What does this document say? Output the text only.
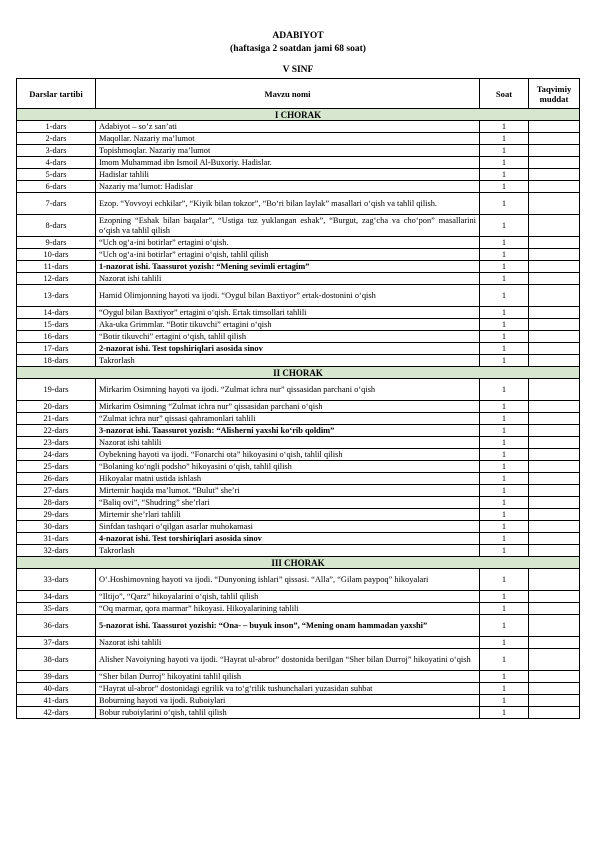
ADABIYOT
(haftasiga 2 soatdan jami 68 soat)
V SINF
Darslar tartibi	Mavzu nomi	Soat	Taqvimiy muddat
I CHORAK			
1-dars	Adabiyot – so’z san’ati	1	
2-dars	Maqollar. Nazariy ma’lumot	1	
3-dars	Topishmoqlar. Nazariy ma’lumot	1	
4-dars	Imom Muhammad ibn Ismoil Al-Buxoriy. Hadislar.	1	
5-dars	Hadislar tahlili	1	
6-dars	Nazariy ma’lumot: Hadislar	1	
7-dars	Ezop. “Yovvoyi echkilar”, “Kiyik bilan tokzor”, “Bo‘ri bilan laylak” masallari o‘qish va tahlil qilish.	1	
8-dars	Ezopning “Eshak bilan baqalar”, “Ustiga tuz yuklangan eshak”, “Burgut, zag‘cha va cho‘pon” masallarini o‘qish va tahlil qilish	1	
9-dars	“Uch og‘a-ini botirlar” ertagini o‘qish.	1	
10-dars	“Uch og‘a-ini botirlar” ertagini o‘qish, tahlil qilish	1	
11-dars	1-nazorat ishi. Taassurot yozish: “Mening sevimli ertagim”	1	
12-dars	Nazorat ishi tahlili	1	
13-dars	Hamid Olimjonning hayoti va ijodi. “Oygul bilan Baxtiyor” ertak-dostonini o‘qish	1	
14-dars	“Oygul bilan Baxtiyor” ertagini o‘qish. Ertak timsollari tahlili	1	
15-dars	Aka-uka Grimmlar. “Botir tikuvchi” ertagini o‘qish	1	
16-dars	“Botir tikuvchi” ertagini o‘qish, tahlil qilish	1	
17-dars	2-nazorat ishi. Test topshiriqlari asosida sinov	1	
18-dars	Takrorlash	1	
II CHORAK			
19-dars	Mirkarim Osimning hayoti va ijodi. “Zulmat ichra nur” qissasidan parchani o‘qish	1	
20-dars	Mirkarim Osimning “Zulmat ichra nur” qissasidan parchani o‘qish	1	
21-dars	“Zulmat ichra nur” qissasi qahramonlari tahlili	1	
22-dars	3-nazorat ishi. Taassurot yozish: “Alisherni yaxshi ko‘rib qoldim”	1	
23-dars	Nazorat ishi tahlili	1	
24-dars	Oybekning hayoti va ijodi. “Fonarchi ota” hikoyasini o‘qish, tahlil qilish	1	
25-dars	“Bolaning ko‘ngli podsho” hikoyasini o‘qish, tahlil qilish	1	
26-dars	Hikoyalar matni ustida ishlash	1	
27-dars	Mirtemir haqida ma’lumot. “Bulut” she’ri	1	
28-dars	“Baliq ovi”, “Shudring” she’rlari	1	
29-dars	Mirtemir she’rlari tahlili	1	
30-dars	Sinfdan tashqari o‘qilgan asarlar muhokamasi	1	
31-dars	4-nazorat ishi. Test torshiriqlari asosida sinov	1	
32-dars	Takrorlash	1	
III CHORAK			
33-dars	O‘.Hoshimovning hayoti va ijodi. “Dunyoning ishlari” qissasi. “Alla”, “Gilam paypoq” hikoyalari	1	
34-dars	“Iltijo”, “Qarz” hikoyalarini o‘qish, tahlil qilish	1	
35-dars	“Oq marmar, qora marmar” hikoyasi. Hikoyalarining tahlili	1	
36-dars	5-nazorat ishi. Taassurot yozishi: “Ona- – buyuk inson”, “Mening onam hammadan yaxshi”	1	
37-dars	Nazorat ishi tahlili	1	
38-dars	Alisher Navoiyning hayoti va ijodi. “Hayrat ul-abror” dostonida berilgan “Sher bilan Durroj” hikoyatini o‘qish	1	
39-dars	“Sher bilan Durroj” hikoyatini tahlil qilish	1	
40-dars	“Hayrat ul-abror” dostonidagi egrilik va to‘g‘rilik tushunchalari yuzasidan suhbat	1	
41-dars	Boburning hayoti va ijodi. Ruboiylari	1	
42-dars	Bobur ruboiylarini o‘qish, tahlil qilish	1	
